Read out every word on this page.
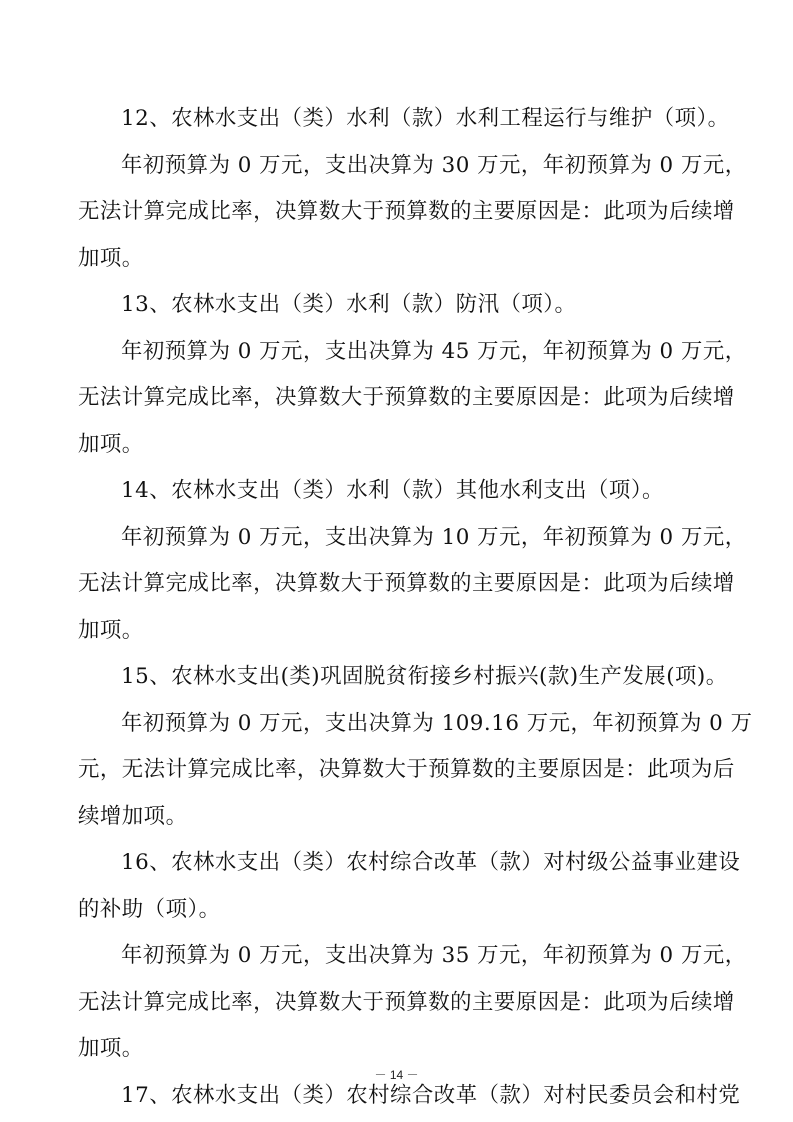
12、农林水支出（类）水利（款）水利工程运行与维护（项）。
年初预算为 0 万元，支出决算为 30 万元，年初预算为 0 万元，
无法计算完成比率，决算数大于预算数的主要原因是：此项为后续增
加项。
13、农林水支出（类）水利（款）防汛（项）。
年初预算为 0 万元，支出决算为 45 万元，年初预算为 0 万元，
无法计算完成比率，决算数大于预算数的主要原因是：此项为后续增
加项。
14、农林水支出（类）水利（款）其他水利支出（项）。
年初预算为 0 万元，支出决算为 10 万元，年初预算为 0 万元，
无法计算完成比率，决算数大于预算数的主要原因是：此项为后续增
加项。
15、农林水支出(类)巩固脱贫衔接乡村振兴(款)生产发展(项)。
年初预算为 0 万元，支出决算为 109.16 万元，年初预算为 0 万
元，无法计算完成比率，决算数大于预算数的主要原因是：此项为后
续增加项。
16、农林水支出（类）农村综合改革（款）对村级公益事业建设
的补助（项）。
年初预算为 0 万元，支出决算为 35 万元，年初预算为 0 万元，
无法计算完成比率，决算数大于预算数的主要原因是：此项为后续增
加项。
17、农林水支出（类）农村综合改革（款）对村民委员会和村党
－ 14 －
